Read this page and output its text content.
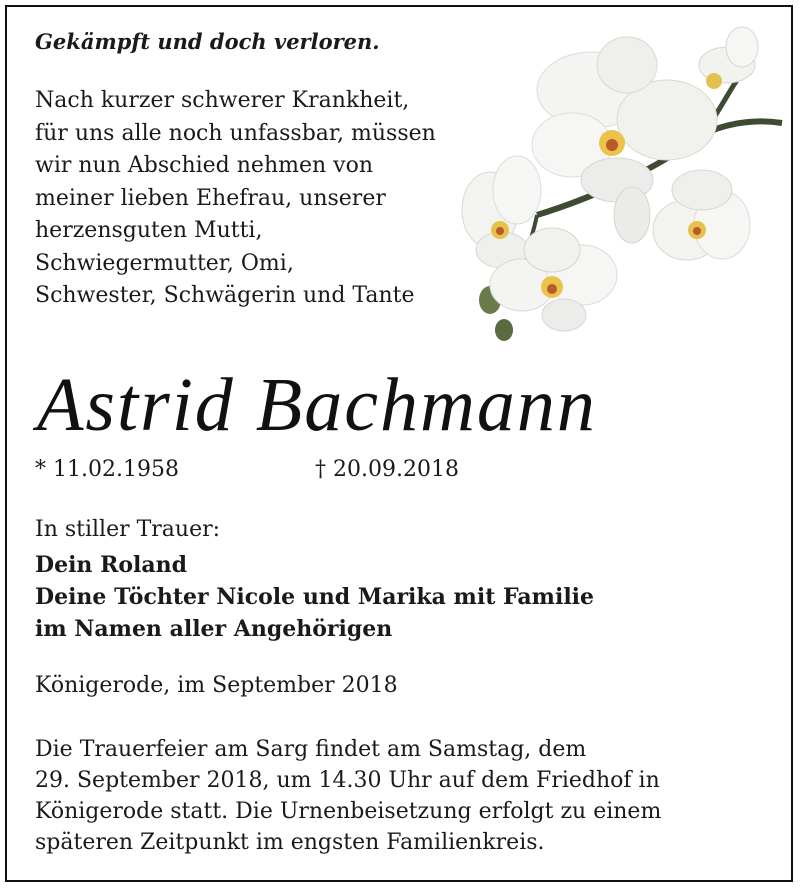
Gekämpft und doch verloren.
Nach kurzer schwerer Krankheit,
für uns alle noch unfassbar, müssen
wir nun Abschied nehmen von
meiner lieben Ehefrau, unserer
herzensguten Mutti,
Schwiegermutter, Omi,
Schwester, Schwägerin und Tante
Astrid Bachmann
* 11.02.1958	† 20.09.2018
In stiller Trauer:
Dein Roland
Deine Töchter Nicole und Marika mit Familie
im Namen aller Angehörigen
Königerode, im September 2018
Die Trauerfeier am Sarg findet am Samstag, dem
29. September 2018, um 14.30 Uhr auf dem Friedhof in
Königerode statt. Die Urnenbeisetzung erfolgt zu einem
späteren Zeitpunkt im engsten Familienkreis.
